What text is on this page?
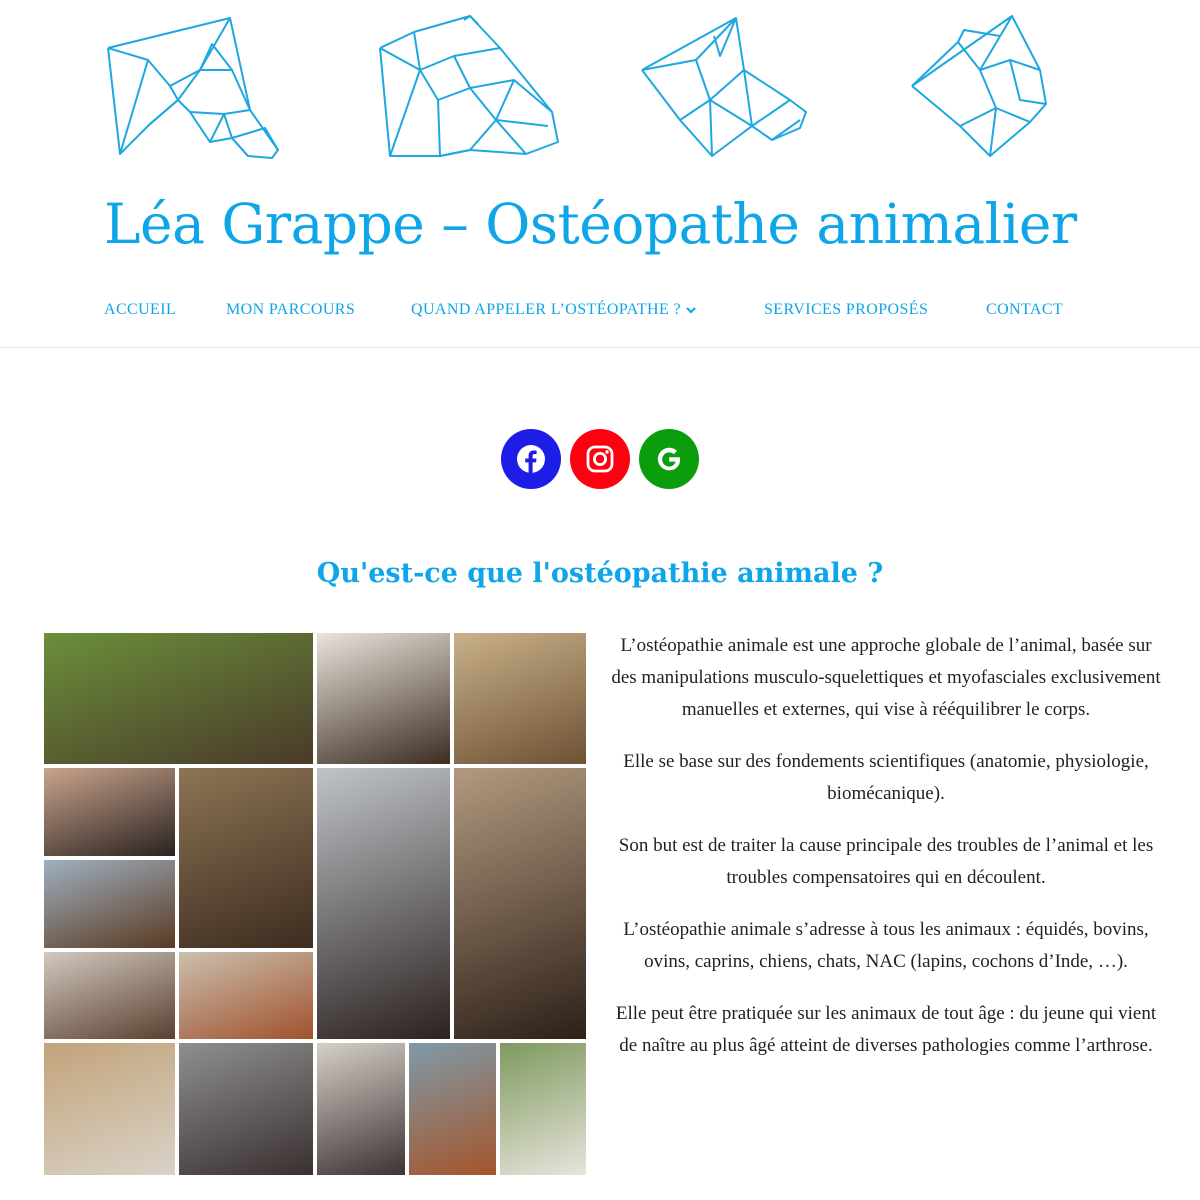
Léa Grappe – Ostéopathe animalier
ACCUEIL	MON PARCOURS	QUAND APPELER L’OSTÉOPATHE ?	SERVICES PROPOSÉS	CONTACT
Qu'est-ce que l'ostéopathie animale ?

L’ostéopathie animale est une approche globale de l’animal, basée sur des manipulations musculo-squelettiques et myofasciales exclusivement manuelles et externes, qui vise à rééquilibrer le corps.

Elle se base sur des fondements scientifiques (anatomie, physiologie, biomécanique).

Son but est de traiter la cause principale des troubles de l’animal et les troubles compensatoires qui en découlent.

L’ostéopathie animale s’adresse à tous les animaux : équidés, bovins, ovins, caprins, chiens, chats, NAC (lapins, cochons d’Inde, …).

Elle peut être pratiquée sur les animaux de tout âge : du jeune qui vient de naître au plus âgé atteint de diverses pathologies comme l’arthrose.
